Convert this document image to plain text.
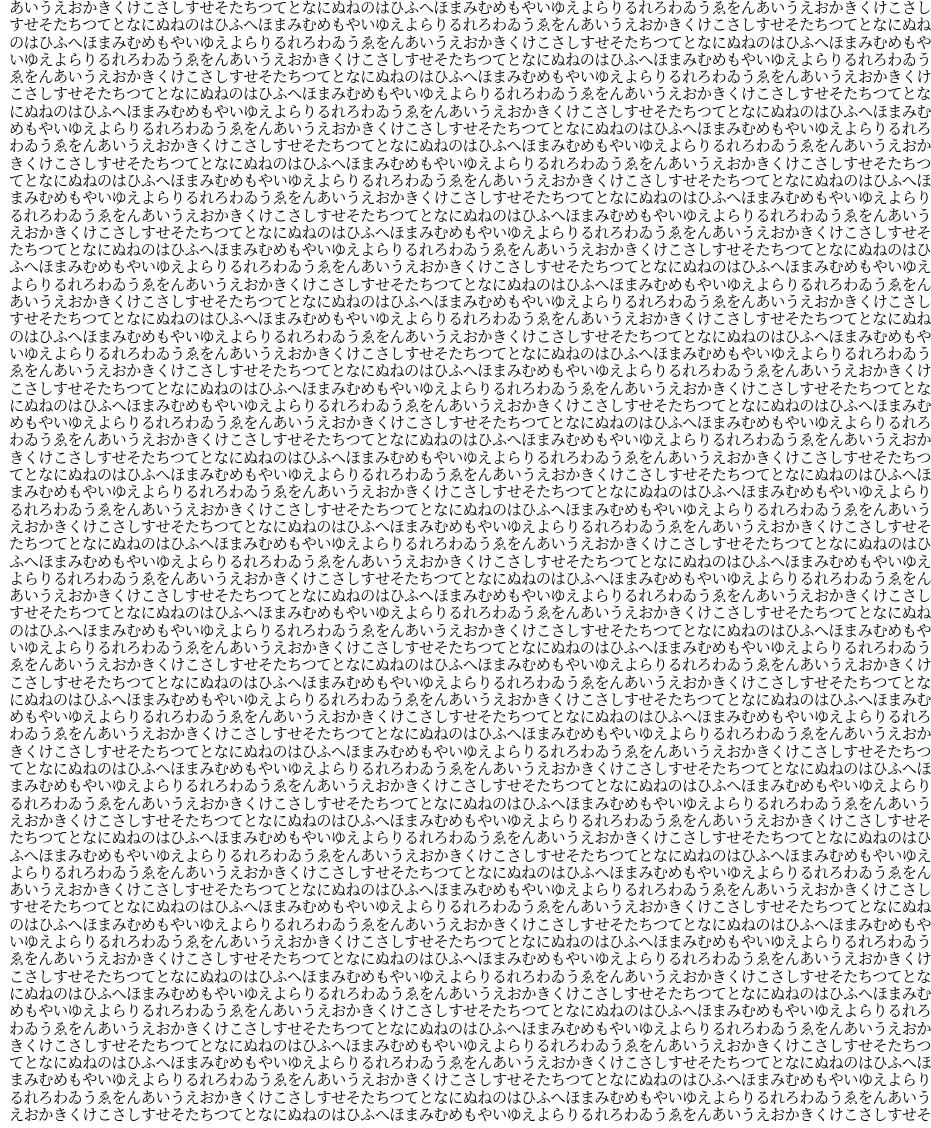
あいうえおかきくけこさしすせそたちつてとなにぬねのはひふへほまみむめもやいゆえよらりるれろわゐうゑをんあいうえおかきくけこさし
すせそたちつてとなにぬねのはひふへほまみむめもやいゆえよらりるれろわゐうゑをんあいうえおかきくけこさしすせそたちつてとなにぬね
のはひふへほまみむめもやいゆえよらりるれろわゐうゑをんあいうえおかきくけこさしすせそたちつてとなにぬねのはひふへほまみむめもや
いゆえよらりるれろわゐうゑをんあいうえおかきくけこさしすせそたちつてとなにぬねのはひふへほまみむめもやいゆえよらりるれろわゐう
ゑをんあいうえおかきくけこさしすせそたちつてとなにぬねのはひふへほまみむめもやいゆえよらりるれろわゐうゑをんあいうえおかきくけ
こさしすせそたちつてとなにぬねのはひふへほまみむめもやいゆえよらりるれろわゐうゑをんあいうえおかきくけこさしすせそたちつてとな
にぬねのはひふへほまみむめもやいゆえよらりるれろわゐうゑをんあいうえおかきくけこさしすせそたちつてとなにぬねのはひふへほまみむ
めもやいゆえよらりるれろわゐうゑをんあいうえおかきくけこさしすせそたちつてとなにぬねのはひふへほまみむめもやいゆえよらりるれろ
わゐうゑをんあいうえおかきくけこさしすせそたちつてとなにぬねのはひふへほまみむめもやいゆえよらりるれろわゐうゑをんあいうえおか
きくけこさしすせそたちつてとなにぬねのはひふへほまみむめもやいゆえよらりるれろわゐうゑをんあいうえおかきくけこさしすせそたちつ
てとなにぬねのはひふへほまみむめもやいゆえよらりるれろわゐうゑをんあいうえおかきくけこさしすせそたちつてとなにぬねのはひふへほ
まみむめもやいゆえよらりるれろわゐうゑをんあいうえおかきくけこさしすせそたちつてとなにぬねのはひふへほまみむめもやいゆえよらり
るれろわゐうゑをんあいうえおかきくけこさしすせそたちつてとなにぬねのはひふへほまみむめもやいゆえよらりるれろわゐうゑをんあいう
えおかきくけこさしすせそたちつてとなにぬねのはひふへほまみむめもやいゆえよらりるれろわゐうゑをんあいうえおかきくけこさしすせそ
たちつてとなにぬねのはひふへほまみむめもやいゆえよらりるれろわゐうゑをんあいうえおかきくけこさしすせそたちつてとなにぬねのはひ
ふへほまみむめもやいゆえよらりるれろわゐうゑをんあいうえおかきくけこさしすせそたちつてとなにぬねのはひふへほまみむめもやいゆえ
よらりるれろわゐうゑをんあいうえおかきくけこさしすせそたちつてとなにぬねのはひふへほまみむめもやいゆえよらりるれろわゐうゑをん
あいうえおかきくけこさしすせそたちつてとなにぬねのはひふへほまみむめもやいゆえよらりるれろわゐうゑをんあいうえおかきくけこさし
すせそたちつてとなにぬねのはひふへほまみむめもやいゆえよらりるれろわゐうゑをんあいうえおかきくけこさしすせそたちつてとなにぬね
のはひふへほまみむめもやいゆえよらりるれろわゐうゑをんあいうえおかきくけこさしすせそたちつてとなにぬねのはひふへほまみむめもや
いゆえよらりるれろわゐうゑをんあいうえおかきくけこさしすせそたちつてとなにぬねのはひふへほまみむめもやいゆえよらりるれろわゐう
ゑをんあいうえおかきくけこさしすせそたちつてとなにぬねのはひふへほまみむめもやいゆえよらりるれろわゐうゑをんあいうえおかきくけ
こさしすせそたちつてとなにぬねのはひふへほまみむめもやいゆえよらりるれろわゐうゑをんあいうえおかきくけこさしすせそたちつてとな
にぬねのはひふへほまみむめもやいゆえよらりるれろわゐうゑをんあいうえおかきくけこさしすせそたちつてとなにぬねのはひふへほまみむ
めもやいゆえよらりるれろわゐうゑをんあいうえおかきくけこさしすせそたちつてとなにぬねのはひふへほまみむめもやいゆえよらりるれろ
わゐうゑをんあいうえおかきくけこさしすせそたちつてとなにぬねのはひふへほまみむめもやいゆえよらりるれろわゐうゑをんあいうえおか
きくけこさしすせそたちつてとなにぬねのはひふへほまみむめもやいゆえよらりるれろわゐうゑをんあいうえおかきくけこさしすせそたちつ
てとなにぬねのはひふへほまみむめもやいゆえよらりるれろわゐうゑをんあいうえおかきくけこさしすせそたちつてとなにぬねのはひふへほ
まみむめもやいゆえよらりるれろわゐうゑをんあいうえおかきくけこさしすせそたちつてとなにぬねのはひふへほまみむめもやいゆえよらり
るれろわゐうゑをんあいうえおかきくけこさしすせそたちつてとなにぬねのはひふへほまみむめもやいゆえよらりるれろわゐうゑをんあいう
えおかきくけこさしすせそたちつてとなにぬねのはひふへほまみむめもやいゆえよらりるれろわゐうゑをんあいうえおかきくけこさしすせそ
たちつてとなにぬねのはひふへほまみむめもやいゆえよらりるれろわゐうゑをんあいうえおかきくけこさしすせそたちつてとなにぬねのはひ
ふへほまみむめもやいゆえよらりるれろわゐうゑをんあいうえおかきくけこさしすせそたちつてとなにぬねのはひふへほまみむめもやいゆえ
よらりるれろわゐうゑをんあいうえおかきくけこさしすせそたちつてとなにぬねのはひふへほまみむめもやいゆえよらりるれろわゐうゑをん
あいうえおかきくけこさしすせそたちつてとなにぬねのはひふへほまみむめもやいゆえよらりるれろわゐうゑをんあいうえおかきくけこさし
すせそたちつてとなにぬねのはひふへほまみむめもやいゆえよらりるれろわゐうゑをんあいうえおかきくけこさしすせそたちつてとなにぬね
のはひふへほまみむめもやいゆえよらりるれろわゐうゑをんあいうえおかきくけこさしすせそたちつてとなにぬねのはひふへほまみむめもや
いゆえよらりるれろわゐうゑをんあいうえおかきくけこさしすせそたちつてとなにぬねのはひふへほまみむめもやいゆえよらりるれろわゐう
ゑをんあいうえおかきくけこさしすせそたちつてとなにぬねのはひふへほまみむめもやいゆえよらりるれろわゐうゑをんあいうえおかきくけ
こさしすせそたちつてとなにぬねのはひふへほまみむめもやいゆえよらりるれろわゐうゑをんあいうえおかきくけこさしすせそたちつてとな
にぬねのはひふへほまみむめもやいゆえよらりるれろわゐうゑをんあいうえおかきくけこさしすせそたちつてとなにぬねのはひふへほまみむ
めもやいゆえよらりるれろわゐうゑをんあいうえおかきくけこさしすせそたちつてとなにぬねのはひふへほまみむめもやいゆえよらりるれろ
わゐうゑをんあいうえおかきくけこさしすせそたちつてとなにぬねのはひふへほまみむめもやいゆえよらりるれろわゐうゑをんあいうえおか
きくけこさしすせそたちつてとなにぬねのはひふへほまみむめもやいゆえよらりるれろわゐうゑをんあいうえおかきくけこさしすせそたちつ
てとなにぬねのはひふへほまみむめもやいゆえよらりるれろわゐうゑをんあいうえおかきくけこさしすせそたちつてとなにぬねのはひふへほ
まみむめもやいゆえよらりるれろわゐうゑをんあいうえおかきくけこさしすせそたちつてとなにぬねのはひふへほまみむめもやいゆえよらり
るれろわゐうゑをんあいうえおかきくけこさしすせそたちつてとなにぬねのはひふへほまみむめもやいゆえよらりるれろわゐうゑをんあいう
えおかきくけこさしすせそたちつてとなにぬねのはひふへほまみむめもやいゆえよらりるれろわゐうゑをんあいうえおかきくけこさしすせそ
たちつてとなにぬねのはひふへほまみむめもやいゆえよらりるれろわゐうゑをんあいうえおかきくけこさしすせそたちつてとなにぬねのはひ
ふへほまみむめもやいゆえよらりるれろわゐうゑをんあいうえおかきくけこさしすせそたちつてとなにぬねのはひふへほまみむめもやいゆえ
よらりるれろわゐうゑをんあいうえおかきくけこさしすせそたちつてとなにぬねのはひふへほまみむめもやいゆえよらりるれろわゐうゑをん
あいうえおかきくけこさしすせそたちつてとなにぬねのはひふへほまみむめもやいゆえよらりるれろわゐうゑをんあいうえおかきくけこさし
すせそたちつてとなにぬねのはひふへほまみむめもやいゆえよらりるれろわゐうゑをんあいうえおかきくけこさしすせそたちつてとなにぬね
のはひふへほまみむめもやいゆえよらりるれろわゐうゑをんあいうえおかきくけこさしすせそたちつてとなにぬねのはひふへほまみむめもや
いゆえよらりるれろわゐうゑをんあいうえおかきくけこさしすせそたちつてとなにぬねのはひふへほまみむめもやいゆえよらりるれろわゐう
ゑをんあいうえおかきくけこさしすせそたちつてとなにぬねのはひふへほまみむめもやいゆえよらりるれろわゐうゑをんあいうえおかきくけ
こさしすせそたちつてとなにぬねのはひふへほまみむめもやいゆえよらりるれろわゐうゑをんあいうえおかきくけこさしすせそたちつてとな
にぬねのはひふへほまみむめもやいゆえよらりるれろわゐうゑをんあいうえおかきくけこさしすせそたちつてとなにぬねのはひふへほまみむ
めもやいゆえよらりるれろわゐうゑをんあいうえおかきくけこさしすせそたちつてとなにぬねのはひふへほまみむめもやいゆえよらりるれろ
わゐうゑをんあいうえおかきくけこさしすせそたちつてとなにぬねのはひふへほまみむめもやいゆえよらりるれろわゐうゑをんあいうえおか
きくけこさしすせそたちつてとなにぬねのはひふへほまみむめもやいゆえよらりるれろわゐうゑをんあいうえおかきくけこさしすせそたちつ
てとなにぬねのはひふへほまみむめもやいゆえよらりるれろわゐうゑをんあいうえおかきくけこさしすせそたちつてとなにぬねのはひふへほ
まみむめもやいゆえよらりるれろわゐうゑをんあいうえおかきくけこさしすせそたちつてとなにぬねのはひふへほまみむめもやいゆえよらり
るれろわゐうゑをんあいうえおかきくけこさしすせそたちつてとなにぬねのはひふへほまみむめもやいゆえよらりるれろわゐうゑをんあいう
えおかきくけこさしすせそたちつてとなにぬねのはひふへほまみむめもやいゆえよらりるれろわゐうゑをんあいうえおかきくけこさしすせそ
